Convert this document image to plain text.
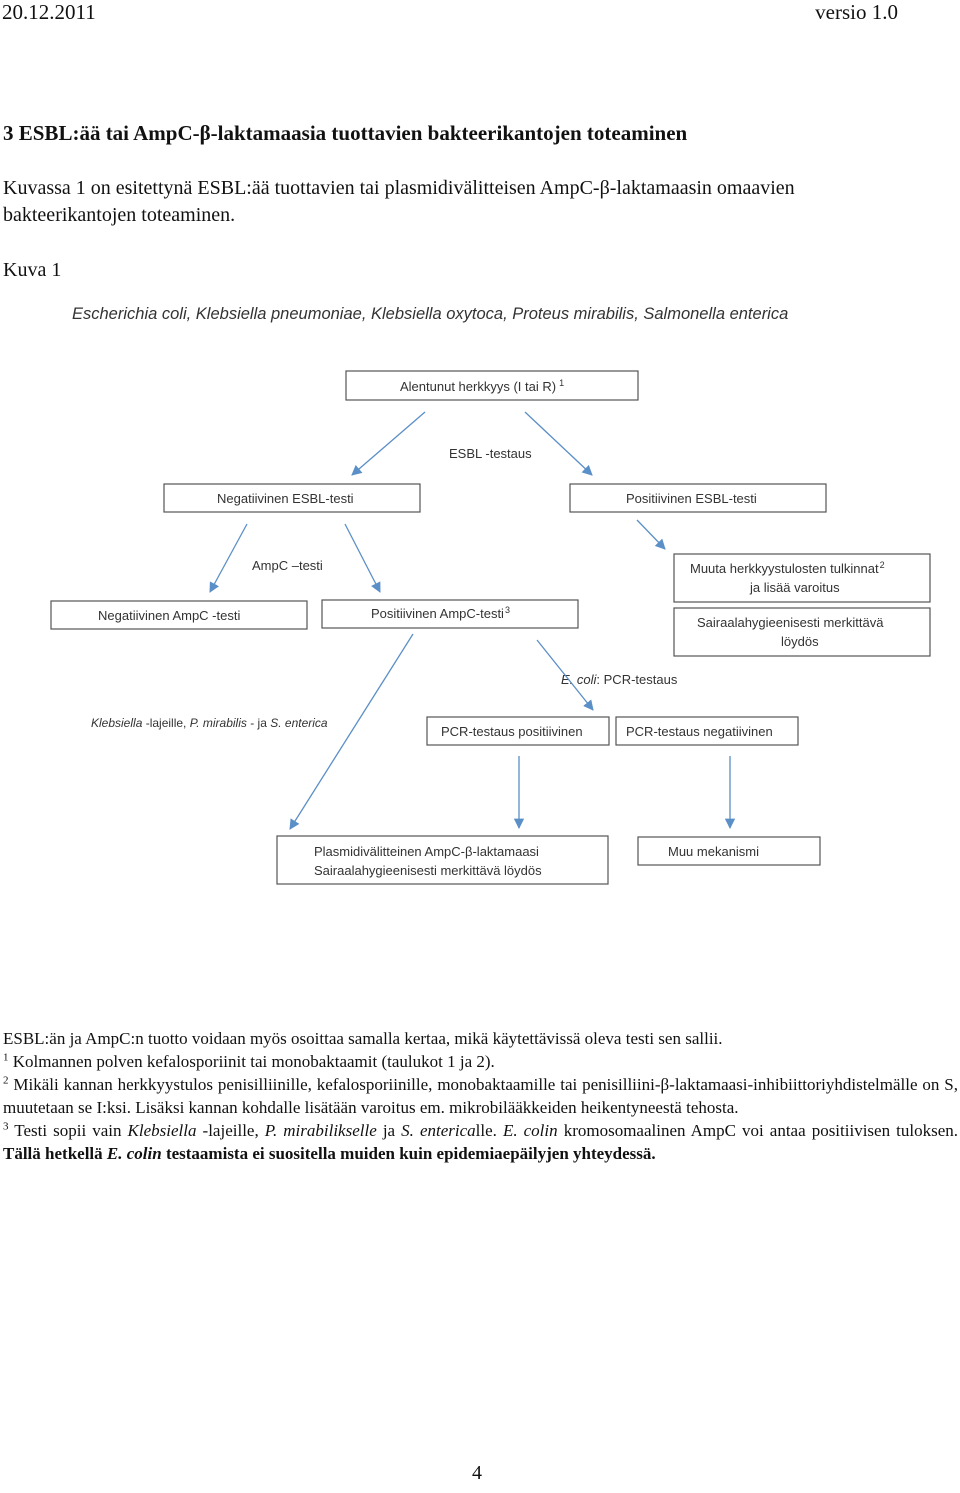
20.12.2011	versio 1.0
3 ESBL:ää tai AmpC-β-laktamaasia tuottavien bakteerikantojen toteaminen
Kuvassa 1 on esitettynä ESBL:ää tuottavien tai plasmidivälitteisen AmpC-β-laktamaasin omaavien
bakteerikantojen toteaminen.
Kuva 1
Escherichia coli, Klebsiella pneumoniae, Klebsiella oxytoca, Proteus mirabilis, Salmonella enterica
Alentunut herkkyys (I tai R) $^1$
ESBL -testaus
Negatiivinen ESBL-testi	Positiivinen ESBL-testi
AmpC –testi	Muuta herkkyystulosten tulkinnat$^2$
ja lisää varoitus
Negatiivinen AmpC -testi	Positiivinen AmpC-testi$^3$
Sairaalahygieenisesti merkittävä
löydös
E. coli: PCR-testaus
Klebsiella -lajeille, P. mirabilis - ja S. enterica
PCR-testaus positiivinen	PCR-testaus negatiivinen
Plasmidivälitteinen AmpC-β-laktamaasi
Sairaalahygieenisesti merkittävä löydös
Muu mekanismi

ESBL:än ja AmpC:n tuotto voidaan myös osoittaa samalla kertaa, mikä käytettävissä oleva testi sen sallii.

$^1$ Kolmannen polven kefalosporiinit tai monobaktaamit (taulukot 1 ja 2).

$^2$ Mikäli kannan herkkyystulos penisilliinille, kefalosporiinille, monobaktaamille tai penisilliini-β-laktamaasi-inhibiittoriyhdistelmälle on S, muutetaan se I:ksi. Lisäksi kannan kohdalle lisätään varoitus em. mikrobilääkkeiden heikentyneestä tehosta.

$^3$ Testi sopii vain Klebsiella -lajeille, P. mirabilikselle ja S. entericalle. E. colin kromosomaalinen AmpC voi antaa positiivisen tuloksen. Tällä hetkellä E. colin testaamista ei suositella muiden kuin epidemiaepäilyjen yhteydessä.

4
